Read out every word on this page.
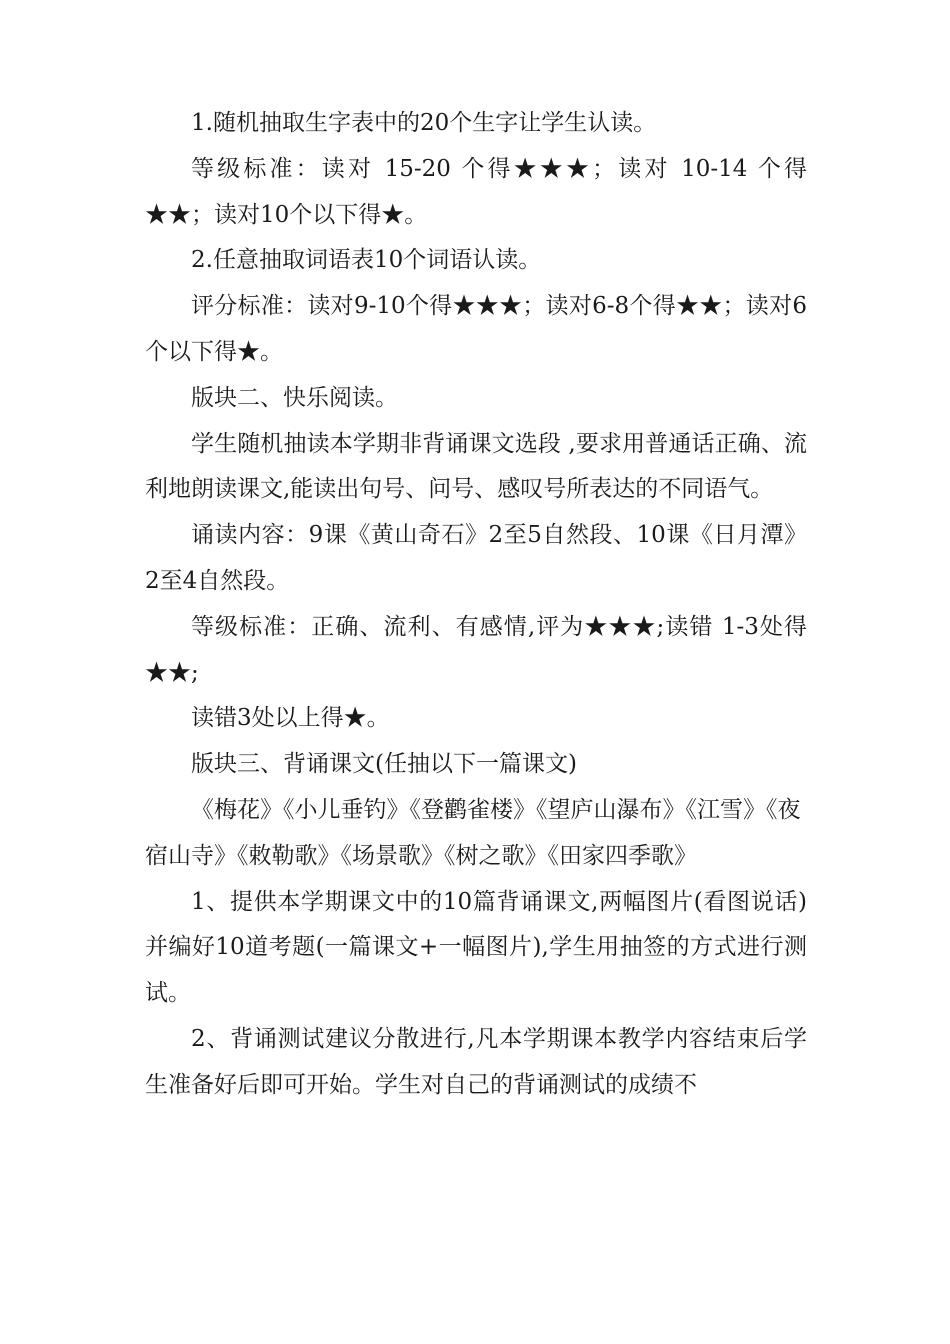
1.随机抽取生字表中的20个生字让学生认读。

等级标准：读对 15-20 个得★★★；读对 10-14 个得★★；读对10个以下得★。

2.任意抽取词语表10个词语认读。

评分标准：读对9-10个得★★★；读对6-8个得★★；读对6个以下得★。

版块二、快乐阅读。

学生随机抽读本学期非背诵课文选段 ,要求用普通话正确、流利地朗读课文,能读出句号、问号、感叹号所表达的不同语气。

诵读内容：9课《黄山奇石》2至5自然段、10课《日月潭》2至4自然段。

等级标准：正确、流利、有感情,评为★★★;读错 1-3处得★★;

读错3处以上得★。

版块三、背诵课文(任抽以下一篇课文)

《梅花》《小儿垂钓》《登鹳雀楼》《望庐山瀑布》《江雪》《夜宿山寺》《敕勒歌》《场景歌》《树之歌》《田家四季歌》

1、提供本学期课文中的10篇背诵课文,两幅图片(看图说话)并编好10道考题(一篇课文+一幅图片),学生用抽签的方式进行测试。

2、背诵测试建议分散进行,凡本学期课本教学内容结束后学生准备好后即可开始。学生对自己的背诵测试的成绩不
